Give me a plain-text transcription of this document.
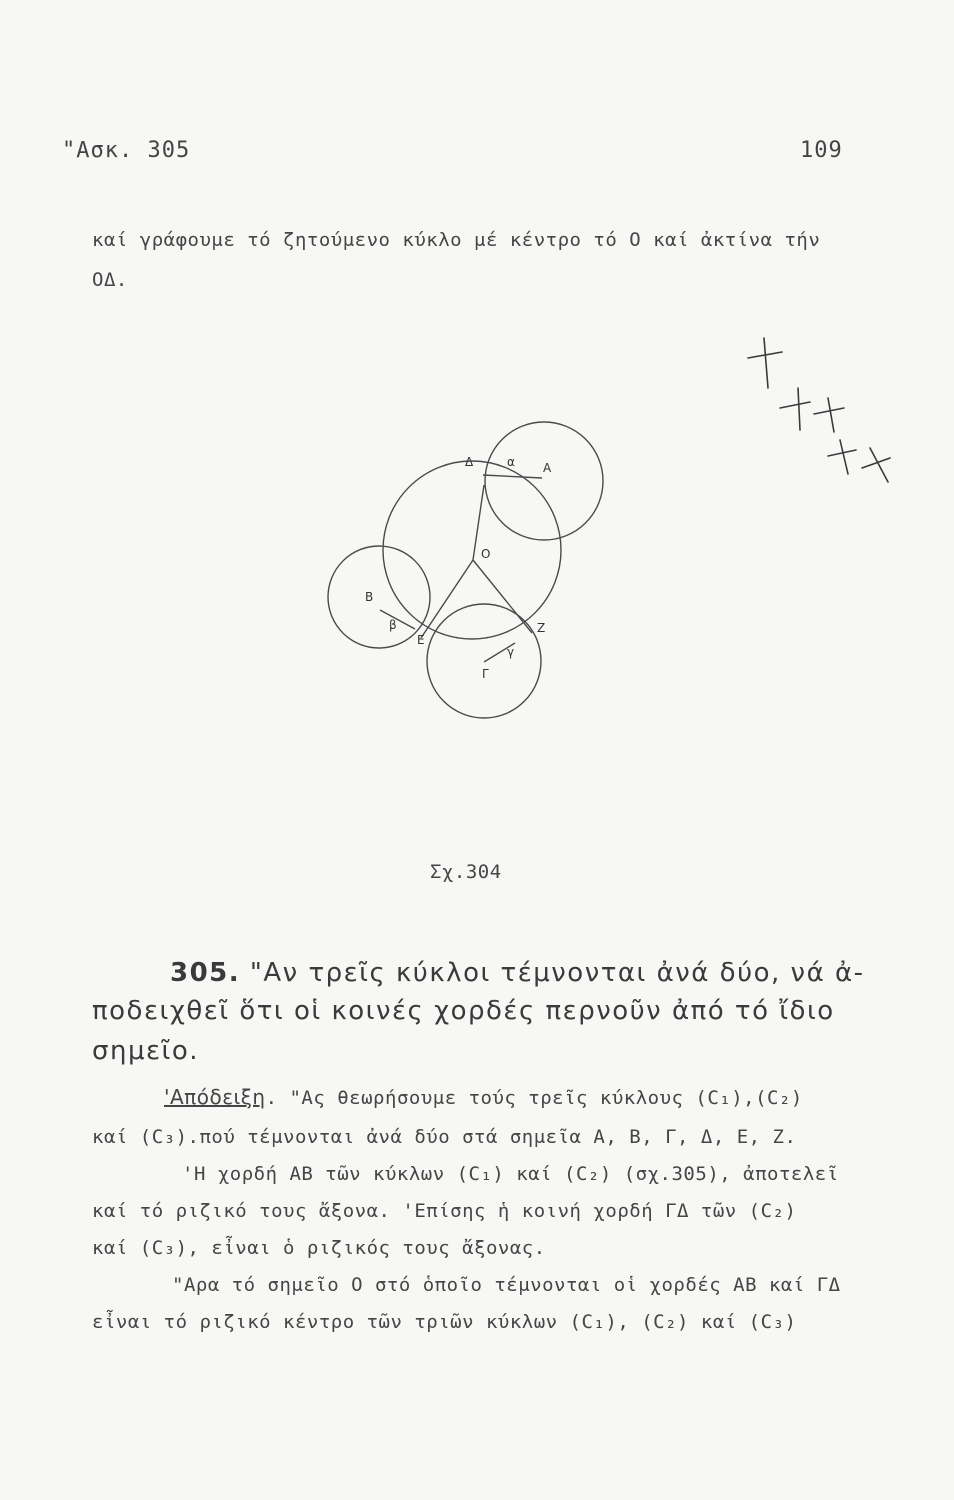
"Ασκ. 305	109
καί γράφουμε τό ζητούμενο κύκλο μέ κέντρο τό Ο καί ἀκτίνα τήν
ΟΔ.
Δ	α A
O
B
β
E
Z
γ
Γ
Σχ.304
305. "Αν τρεῖς κύκλοι τέμνονται ἀνά δύο, νά ἀ-
ποδειχθεῖ ὅτι οἱ κοινές χορδές περνοῦν ἀπό τό ἴδιο
σημεῖο.
'Απόδειξη. "Ας θεωρήσουμε τούς τρεῖς κύκλους (C₁),(C₂)
καί (C₃).πού τέμνονται ἀνά δύο στά σημεῖα Α, Β, Γ, Δ, Ε, Ζ.
'Η χορδή ΑΒ τῶν κύκλων (C₁) καί (C₂) (σχ.305), ἀποτελεῖ
καί τό ριζικό τους ἄξονα. 'Επίσης ἡ κοινή χορδή ΓΔ τῶν (C₂)
καί (C₃), εἶναι ὁ ριζικός τους ἄξονας.
"Αρα τό σημεῖο Ο στό ὁποῖο τέμνονται οἱ χορδές ΑΒ καί ΓΔ
εἶναι τό ριζικό κέντρο τῶν τριῶν κύκλων (C₁), (C₂) καί (C₃)
